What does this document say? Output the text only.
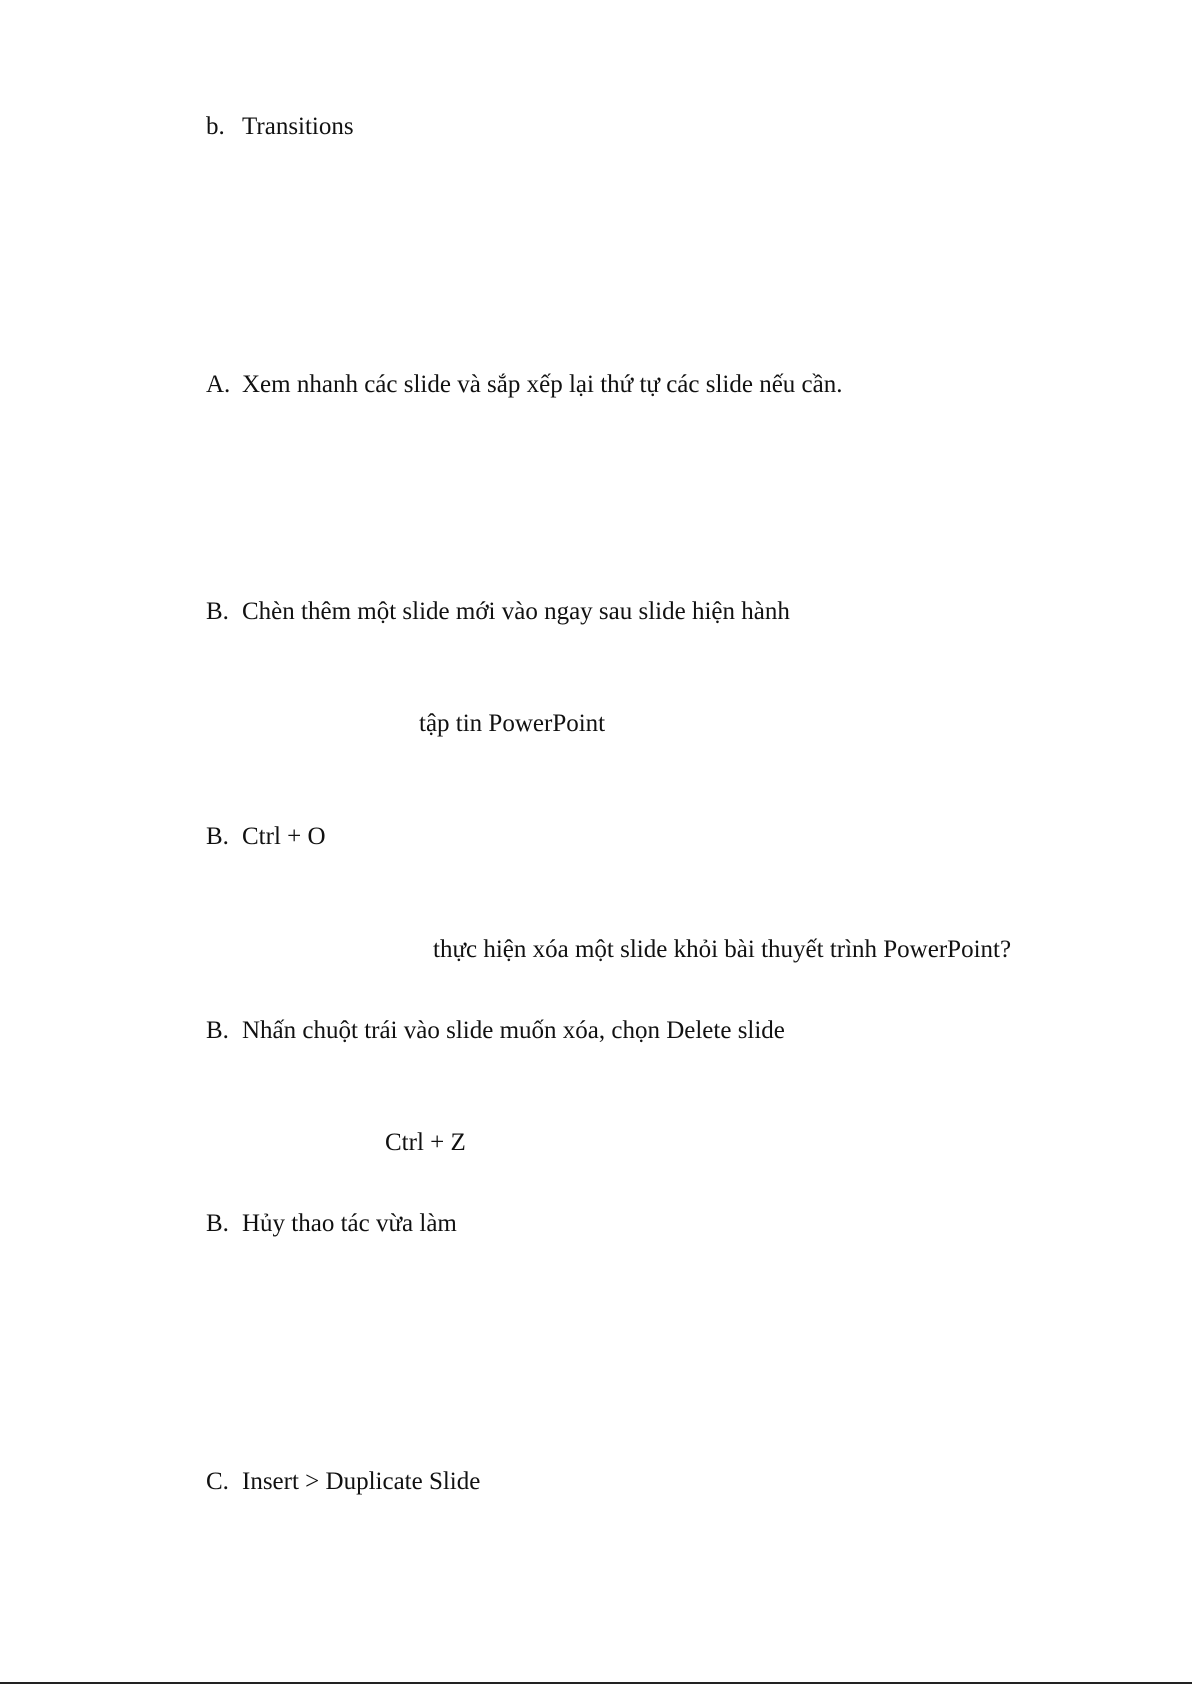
b. Transitions
A. Xem nhanh các slide và sắp xếp lại thứ tự các slide nếu cần.
B. Chèn thêm một slide mới vào ngay sau slide hiện hành
tập tin PowerPoint
B. Ctrl + O
thực hiện xóa một slide khỏi bài thuyết trình PowerPoint?
B. Nhấn chuột trái vào slide muốn xóa, chọn Delete slide
Ctrl + Z
B. Hủy thao tác vừa làm
C. Insert > Duplicate Slide
